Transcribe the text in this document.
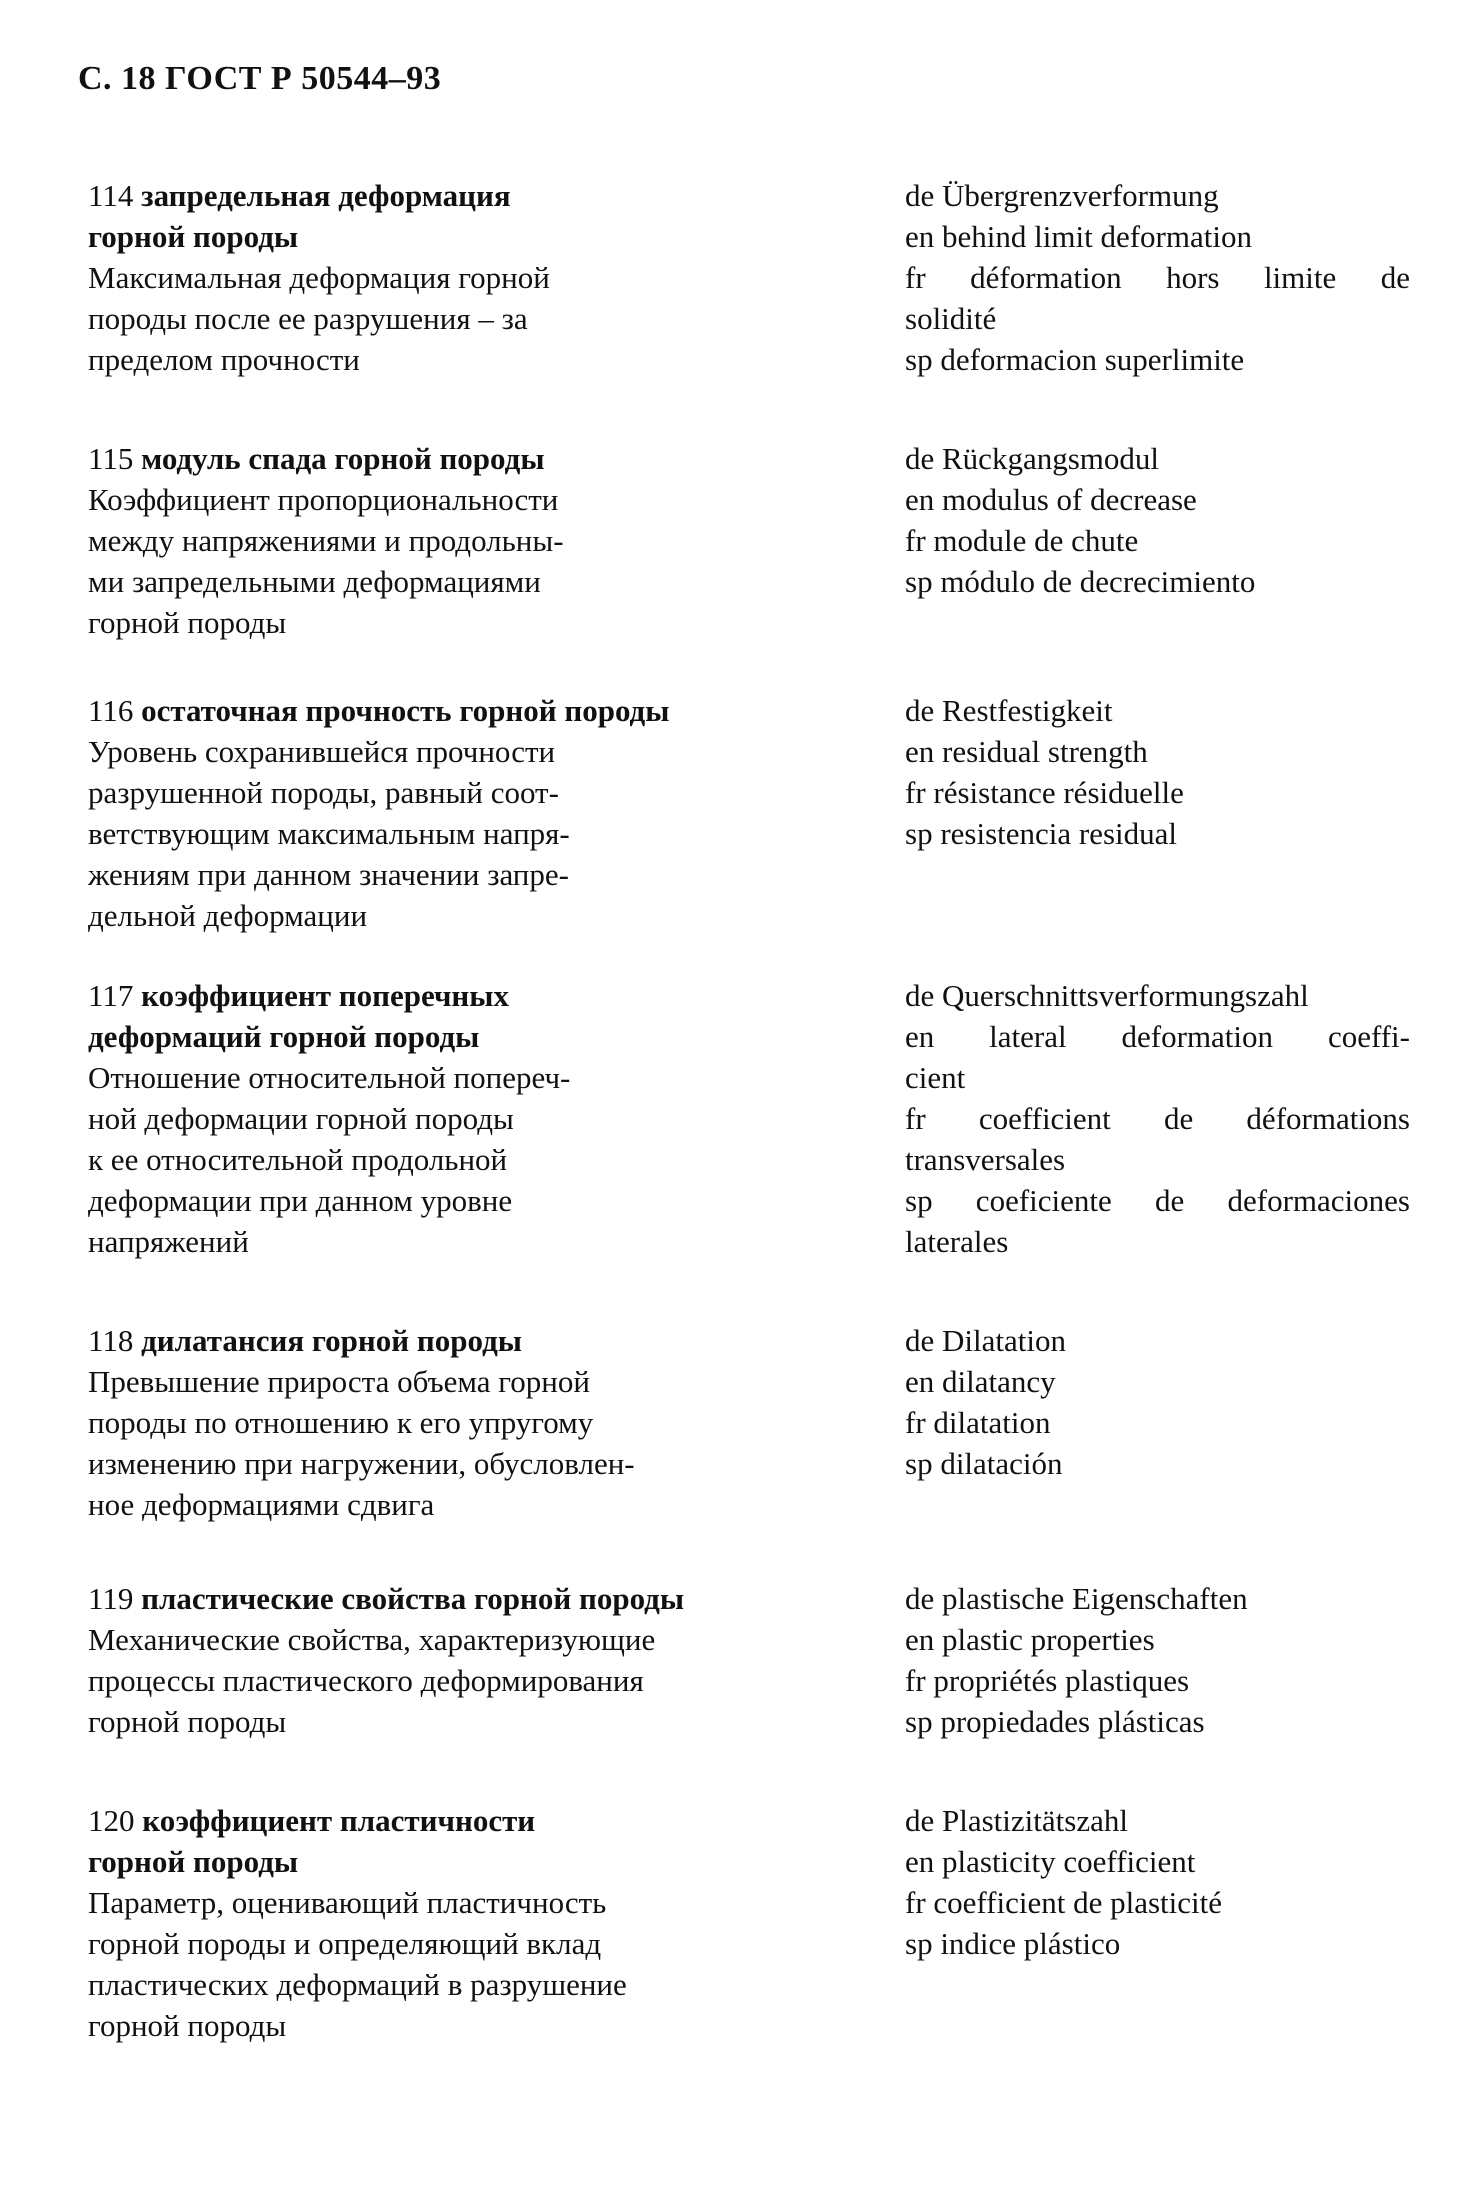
С. 18 ГОСТ Р 50544–93
114 запредельная деформация
горной породы
Максимальная деформация горной
породы после ее разрушения – за
пределом прочности
de Übergrenzverformung
en behind limit deformation
fr déformation hors limite de
solidité
sp deformacion superlimite
115 модуль спада горной породы
Коэффициент пропорциональности
между напряжениями и продольны-
ми запредельными деформациями
горной породы
de Rückgangsmodul
en modulus of decrease
fr module de chute
sp módulo de decrecimiento
116 остаточная прочность горной породы
Уровень сохранившейся прочности
разрушенной породы, равный соот-
ветствующим максимальным напря-
жениям при данном значении запре-
дельной деформации
de Restfestigkeit
en residual strength
fr résistance résiduelle
sp resistencia residual
117 коэффициент поперечных
деформаций горной породы
Отношение относительной попереч-
ной деформации горной породы
к ее относительной продольной
деформации при данном уровне
напряжений
de Querschnittsverformungszahl
en lateral deformation coeffi-
cient
fr coefficient de déformations
transversales
sp coeficiente de deformaciones
laterales
118 дилатансия горной породы
Превышение прироста объема горной
породы по отношению к его упругому
изменению при нагружении, обусловлен-
ное деформациями сдвига
de Dilatation
en dilatancy
fr dilatation
sp dilatación
119 пластические свойства горной породы
Механические свойства, характеризующие
процессы пластического деформирования
горной породы
de plastische Eigenschaften
en plastic properties
fr propriétés plastiques
sp propiedades plásticas
120 коэффициент пластичности
горной породы
Параметр, оценивающий пластичность
горной породы и определяющий вклад
пластических деформаций в разрушение
горной породы
de Plastizitätszahl
en plasticity coefficient
fr coefficient de plasticité
sp indice plástico
